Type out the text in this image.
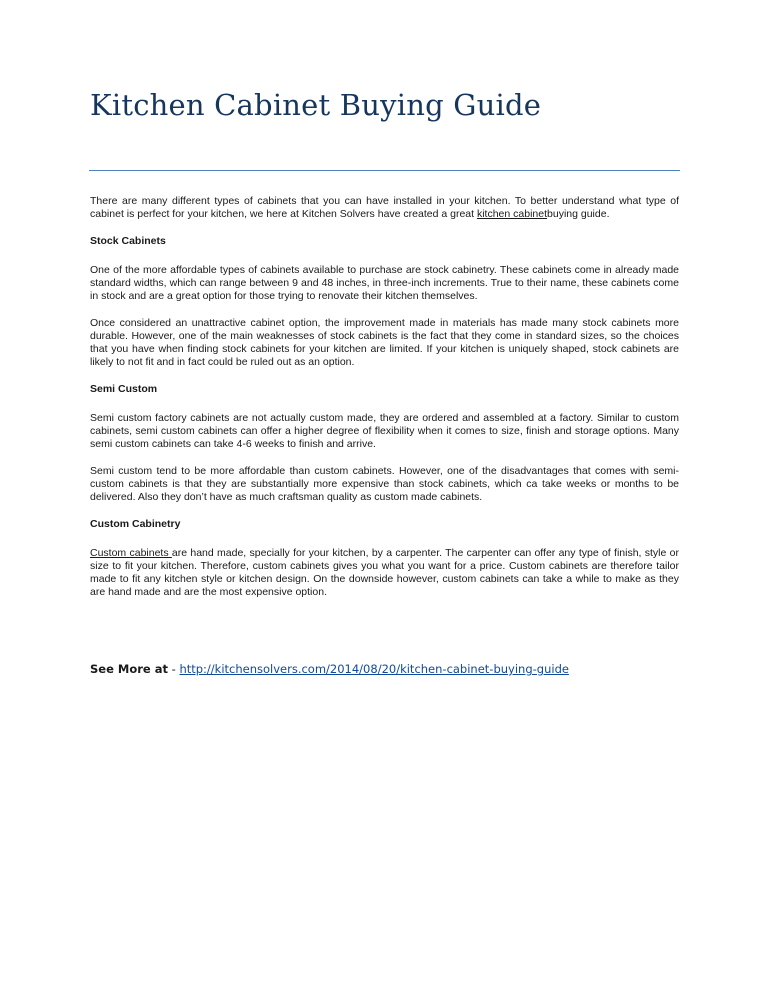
Kitchen Cabinet Buying Guide

There are many different types of cabinets that you can have installed in your kitchen. To better understand what type of cabinet is perfect for your kitchen, we here at Kitchen Solvers have created a great kitchen cabinetbuying guide.

Stock Cabinets

One of the more affordable types of cabinets available to purchase are stock cabinetry. These cabinets come in already made standard widths, which can range between 9 and 48 inches, in three-inch increments. True to their name, these cabinets come in stock and are a great option for those trying to renovate their kitchen themselves.

Once considered an unattractive cabinet option, the improvement made in materials has made many stock cabinets more durable. However, one of the main weaknesses of stock cabinets is the fact that they come in standard sizes, so the choices that you have when finding stock cabinets for your kitchen are limited. If your kitchen is uniquely shaped, stock cabinets are likely to not fit and in fact could be ruled out as an option.

Semi Custom

Semi custom factory cabinets are not actually custom made, they are ordered and assembled at a factory. Similar to custom cabinets, semi custom cabinets can offer a higher degree of flexibility when it comes to size, finish and storage options. Many semi custom cabinets can take 4-6 weeks to finish and arrive.

Semi custom tend to be more affordable than custom cabinets. However, one of the disadvantages that comes with semi-custom cabinets is that they are substantially more expensive than stock cabinets, which ca take weeks or months to be delivered. Also they don’t have as much craftsman quality as custom made cabinets.

Custom Cabinetry

Custom cabinets are hand made, specially for your kitchen, by a carpenter. The carpenter can offer any type of finish, style or size to fit your kitchen. Therefore, custom cabinets gives you what you want for a price. Custom cabinets are therefore tailor made to fit any kitchen style or kitchen design. On the downside however, custom cabinets can take a while to make as they are hand made and are the most expensive option.

See More at - http://kitchensolvers.com/2014/08/20/kitchen-cabinet-buying-guide
